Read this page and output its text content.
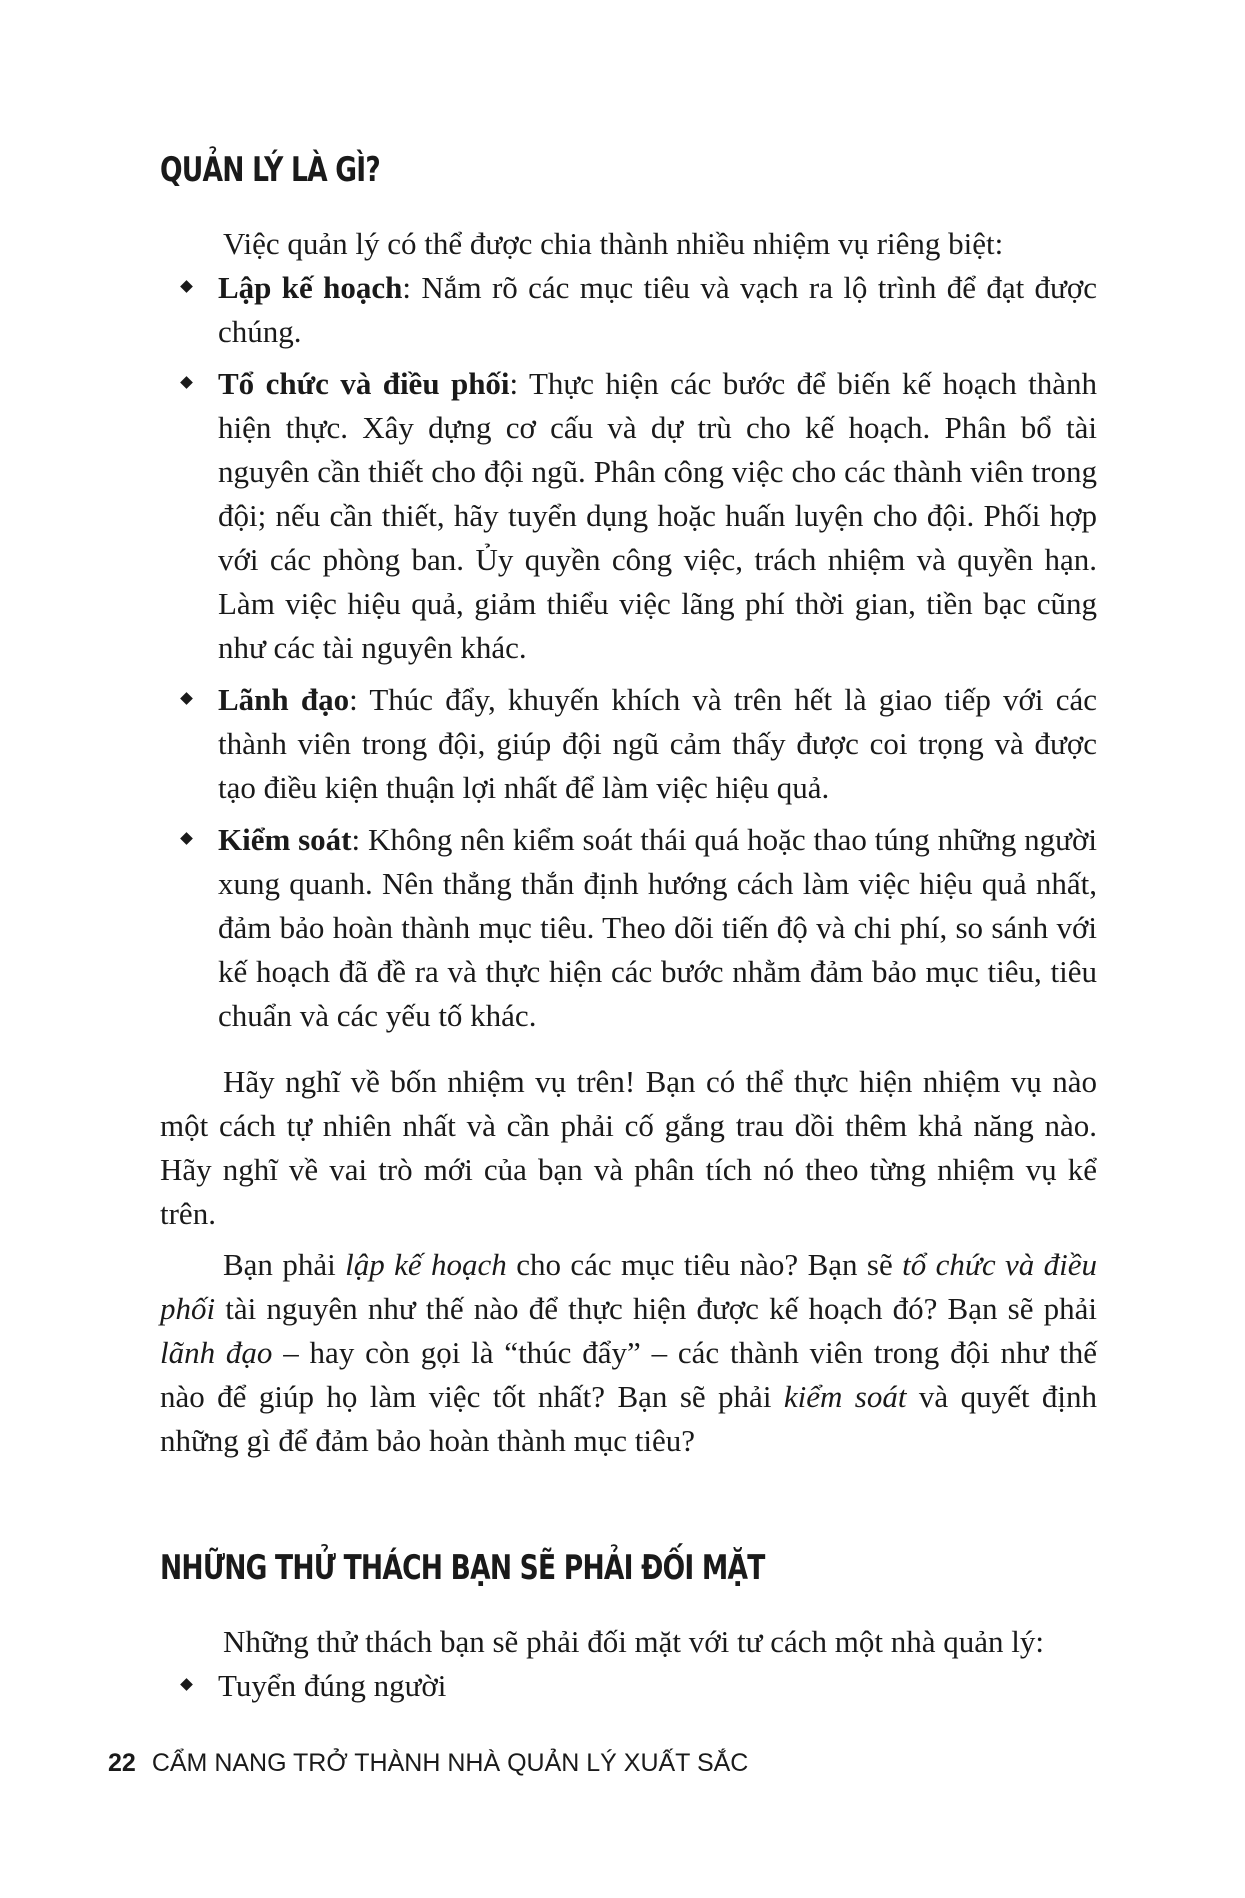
QUẢN LÝ LÀ GÌ?

Việc quản lý có thể được chia thành nhiều nhiệm vụ riêng biệt:

Lập kế hoạch: Nắm rõ các mục tiêu và vạch ra lộ trình để đạt được chúng.

Tổ chức và điều phối: Thực hiện các bước để biến kế hoạch thành hiện thực. Xây dựng cơ cấu và dự trù cho kế hoạch. Phân bổ tài nguyên cần thiết cho đội ngũ. Phân công việc cho các thành viên trong đội; nếu cần thiết, hãy tuyển dụng hoặc huấn luyện cho đội. Phối hợp với các phòng ban. Ủy quyền công việc, trách nhiệm và quyền hạn. Làm việc hiệu quả, giảm thiểu việc lãng phí thời gian, tiền bạc cũng như các tài nguyên khác.

Lãnh đạo: Thúc đẩy, khuyến khích và trên hết là giao tiếp với các thành viên trong đội, giúp đội ngũ cảm thấy được coi trọng và được tạo điều kiện thuận lợi nhất để làm việc hiệu quả.

Kiểm soát: Không nên kiểm soát thái quá hoặc thao túng những người xung quanh. Nên thẳng thắn định hướng cách làm việc hiệu quả nhất, đảm bảo hoàn thành mục tiêu. Theo dõi tiến độ và chi phí, so sánh với kế hoạch đã đề ra và thực hiện các bước nhằm đảm bảo mục tiêu, tiêu chuẩn và các yếu tố khác.

Hãy nghĩ về bốn nhiệm vụ trên! Bạn có thể thực hiện nhiệm vụ nào một cách tự nhiên nhất và cần phải cố gắng trau dồi thêm khả năng nào. Hãy nghĩ về vai trò mới của bạn và phân tích nó theo từng nhiệm vụ kể trên.

Bạn phải lập kế hoạch cho các mục tiêu nào? Bạn sẽ tổ chức và điều phối tài nguyên như thế nào để thực hiện được kế hoạch đó? Bạn sẽ phải lãnh đạo – hay còn gọi là “thúc đẩy” – các thành viên trong đội như thế nào để giúp họ làm việc tốt nhất? Bạn sẽ phải kiểm soát và quyết định những gì để đảm bảo hoàn thành mục tiêu?

NHỮNG THỬ THÁCH BẠN SẼ PHẢI ĐỐI MẶT

Những thử thách bạn sẽ phải đối mặt với tư cách một nhà quản lý:

Tuyển đúng người

22 CẨM NANG TRỞ THÀNH NHÀ QUẢN LÝ XUẤT SẮC
